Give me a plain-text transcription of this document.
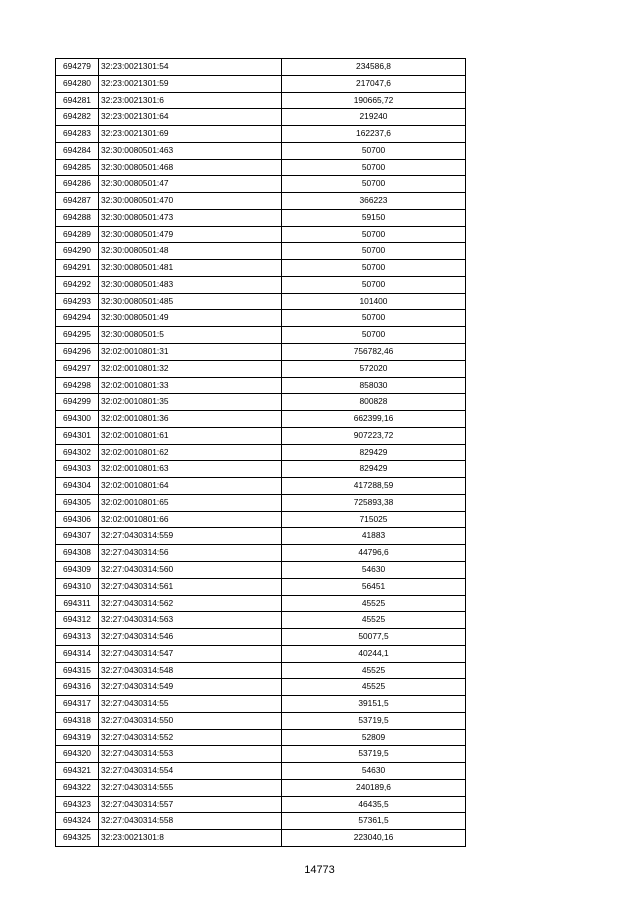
694279	32:23:0021301:54	234586,8
694280	32:23:0021301:59	217047,6
694281	32:23:0021301:6	190665,72
694282	32:23:0021301:64	219240
694283	32:23:0021301:69	162237,6
694284	32:30:0080501:463	50700
694285	32:30:0080501:468	50700
694286	32:30:0080501:47	50700
694287	32:30:0080501:470	366223
694288	32:30:0080501:473	59150
694289	32:30:0080501:479	50700
694290	32:30:0080501:48	50700
694291	32:30:0080501:481	50700
694292	32:30:0080501:483	50700
694293	32:30:0080501:485	101400
694294	32:30:0080501:49	50700
694295	32:30:0080501:5	50700
694296	32:02:0010801:31	756782,46
694297	32:02:0010801:32	572020
694298	32:02:0010801:33	858030
694299	32:02:0010801:35	800828
694300	32:02:0010801:36	662399,16
694301	32:02:0010801:61	907223,72
694302	32:02:0010801:62	829429
694303	32:02:0010801:63	829429
694304	32:02:0010801:64	417288,59
694305	32:02:0010801:65	725893,38
694306	32:02:0010801:66	715025
694307	32:27:0430314:559	41883
694308	32:27:0430314:56	44796,6
694309	32:27:0430314:560	54630
694310	32:27:0430314:561	56451
694311	32:27:0430314:562	45525
694312	32:27:0430314:563	45525
694313	32:27:0430314:546	50077,5
694314	32:27:0430314:547	40244,1
694315	32:27:0430314:548	45525
694316	32:27:0430314:549	45525
694317	32:27:0430314:55	39151,5
694318	32:27:0430314:550	53719,5
694319	32:27:0430314:552	52809
694320	32:27:0430314:553	53719,5
694321	32:27:0430314:554	54630
694322	32:27:0430314:555	240189,6
694323	32:27:0430314:557	46435,5
694324	32:27:0430314:558	57361,5
694325	32:23:0021301:8	223040,16
14773
